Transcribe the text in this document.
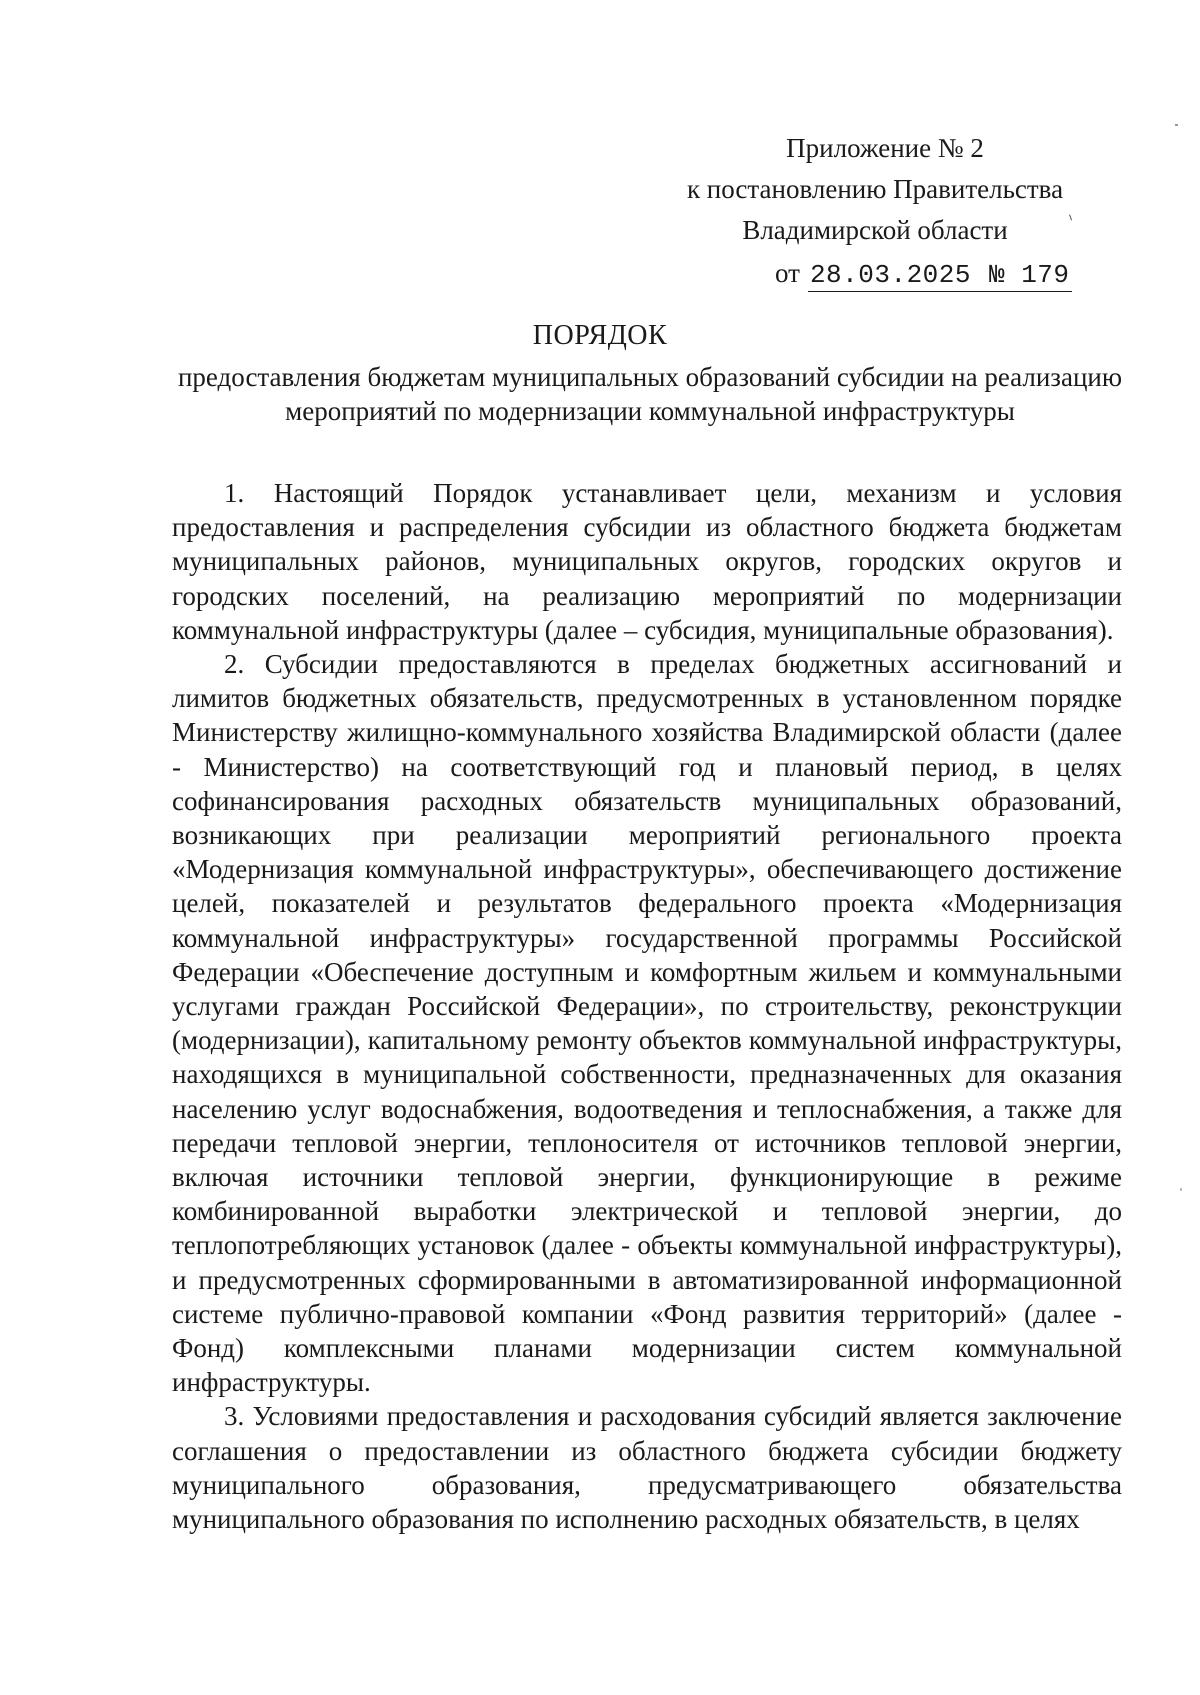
Приложение № 2
к постановлению Правительства
Владимирской области
от 28.03.2025 № 179
ПОРЯДОК
предоставления бюджетам муниципальных образований субсидии на реализацию мероприятий по модернизации коммунальной инфраструктуры

1. Настоящий Порядок устанавливает цели, механизм и условия предоставления и распределения субсидии из областного бюджета бюджетам муниципальных районов, муниципальных округов, городских округов и городских поселений, на реализацию мероприятий по модернизации коммунальной инфраструктуры (далее – субсидия, муниципальные образования).

2. Субсидии предоставляются в пределах бюджетных ассигнований и лимитов бюджетных обязательств, предусмотренных в установленном порядке Министерству жилищно-коммунального хозяйства Владимирской области (далее - Министерство) на соответствующий год и плановый период, в целях софинансирования расходных обязательств муниципальных образований, возникающих при реализации мероприятий регионального проекта «Модернизация коммунальной инфраструктуры», обеспечивающего достижение целей, показателей и результатов федерального проекта «Модернизация коммунальной инфраструктуры» государственной программы Российской Федерации «Обеспечение доступным и комфортным жильем и коммунальными услугами граждан Российской Федерации», по строительству, реконструкции (модернизации), капитальному ремонту объектов коммунальной инфраструктуры, находящихся в муниципальной собственности, предназначенных для оказания населению услуг водоснабжения, водоотведения и теплоснабжения, а также для передачи тепловой энергии, теплоносителя от источников тепловой энергии, включая источники тепловой энергии, функционирующие в режиме комбинированной выработки электрической и тепловой энергии, до теплопотребляющих установок (далее - объекты коммунальной инфраструктуры), и предусмотренных сформированными в автоматизированной информационной системе публично-правовой компании «Фонд развития территорий» (далее - Фонд) комплексными планами модернизации систем коммунальной инфраструктуры.

3. Условиями предоставления и расходования субсидий является заключение соглашения о предоставлении из областного бюджета субсидии бюджету муниципального образования, предусматривающего обязательства муниципального образования по исполнению расходных обязательств, в целях
